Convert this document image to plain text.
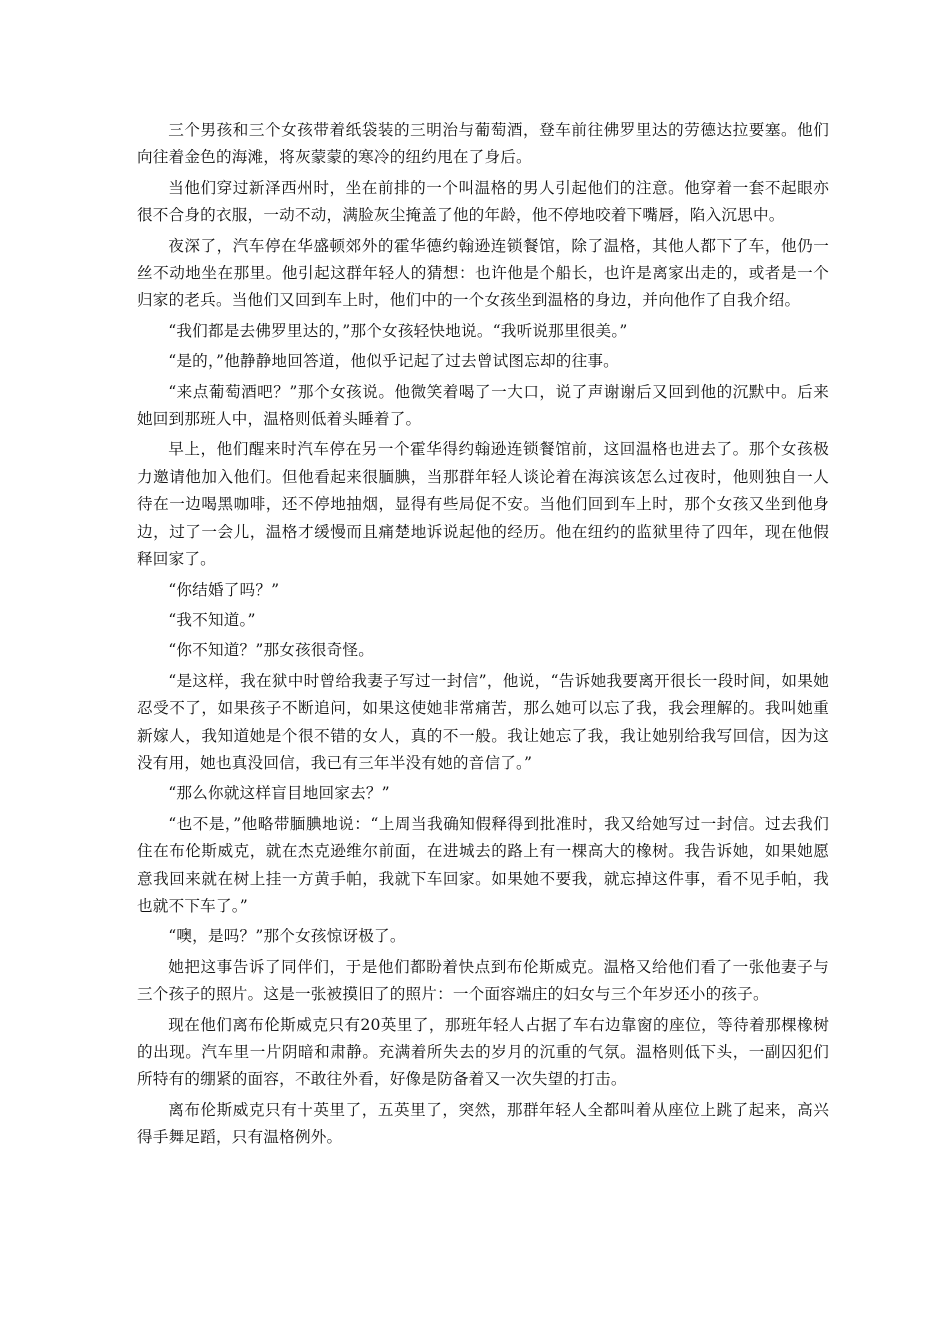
三个男孩和三个女孩带着纸袋装的三明治与葡萄酒，登车前往佛罗里达的劳德达拉要塞。他们向往着金色的海滩，将灰蒙蒙的寒冷的纽约甩在了身后。

当他们穿过新泽西州时，坐在前排的一个叫温格的男人引起他们的注意。他穿着一套不起眼亦很不合身的衣服，一动不动，满脸灰尘掩盖了他的年龄，他不停地咬着下嘴唇，陷入沉思中。

夜深了，汽车停在华盛顿郊外的霍华德约翰逊连锁餐馆，除了温格，其他人都下了车，他仍一丝不动地坐在那里。他引起这群年轻人的猜想：也许他是个船长，也许是离家出走的，或者是一个归家的老兵。当他们又回到车上时，他们中的一个女孩坐到温格的身边，并向他作了自我介绍。

“我们都是去佛罗里达的，”那个女孩轻快地说。“我听说那里很美。”

“是的，”他静静地回答道，他似乎记起了过去曾试图忘却的往事。

“来点葡萄酒吧？”那个女孩说。他微笑着喝了一大口，说了声谢谢后又回到他的沉默中。后来她回到那班人中，温格则低着头睡着了。

早上，他们醒来时汽车停在另一个霍华得约翰逊连锁餐馆前，这回温格也进去了。那个女孩极力邀请他加入他们。但他看起来很腼腆，当那群年轻人谈论着在海滨该怎么过夜时，他则独自一人待在一边喝黑咖啡，还不停地抽烟，显得有些局促不安。当他们回到车上时，那个女孩又坐到他身边，过了一会儿，温格才缓慢而且痛楚地诉说起他的经历。他在纽约的监狱里待了四年，现在他假释回家了。

“你结婚了吗？”

“我不知道。”

“你不知道？”那女孩很奇怪。

“是这样，我在狱中时曾给我妻子写过一封信”，他说，“告诉她我要离开很长一段时间，如果她忍受不了，如果孩子不断追问，如果这使她非常痛苦，那么她可以忘了我，我会理解的。我叫她重新嫁人，我知道她是个很不错的女人，真的不一般。我让她忘了我，我让她别给我写回信，因为这没有用，她也真没回信，我已有三年半没有她的音信了。”

“那么你就这样盲目地回家去？”

“也不是，”他略带腼腆地说：“上周当我确知假释得到批准时，我又给她写过一封信。过去我们住在布伦斯威克，就在杰克逊维尔前面，在进城去的路上有一棵高大的橡树。我告诉她，如果她愿意我回来就在树上挂一方黄手帕，我就下车回家。如果她不要我，就忘掉这件事，看不见手帕，我也就不下车了。”

“噢，是吗？”那个女孩惊讶极了。

她把这事告诉了同伴们，于是他们都盼着快点到布伦斯威克。温格又给他们看了一张他妻子与三个孩子的照片。这是一张被摸旧了的照片：一个面容端庄的妇女与三个年岁还小的孩子。

现在他们离布伦斯威克只有20英里了，那班年轻人占据了车右边靠窗的座位，等待着那棵橡树的出现。汽车里一片阴暗和肃静。充满着所失去的岁月的沉重的气氛。温格则低下头，一副囚犯们所特有的绷紧的面容，不敢往外看，好像是防备着又一次失望的打击。

离布伦斯威克只有十英里了，五英里了，突然，那群年轻人全都叫着从座位上跳了起来，高兴得手舞足蹈，只有温格例外。
